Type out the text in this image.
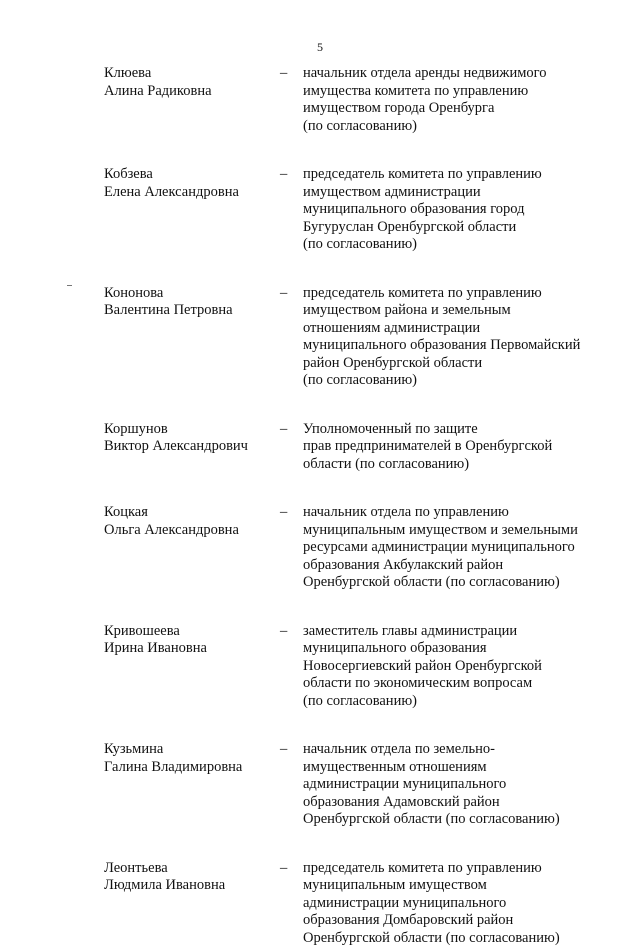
5
Клюева
Алина Радиковна
– начальник отдела аренды недвижимого
имущества комитета по управлению
имуществом города Оренбурга
(по согласованию)
Кобзева
Елена Александровна
– председатель комитета по управлению
имуществом администрации
муниципального образования город
Бугуруслан Оренбургской области
(по согласованию)
Кононова
Валентина Петровна
– председатель комитета по управлению
имуществом района и земельным
отношениям администрации
муниципального образования Первомайский
район Оренбургской области
(по согласованию)
Коршунов
Виктор Александрович
– Уполномоченный по защите
прав предпринимателей в Оренбургской
области (по согласованию)
Коцкая
Ольга Александровна
– начальник отдела по управлению
муниципальным имуществом и земельными
ресурсами администрации муниципального
образования Акбулакский район
Оренбургской области (по согласованию)
Кривошеева
Ирина Ивановна
– заместитель главы администрации
муниципального образования
Новосергиевский район Оренбургской
области по экономическим вопросам
(по согласованию)
Кузьмина
Галина Владимировна
– начальник отдела по земельно-
имущественным отношениям
администрации муниципального
образования Адамовский район
Оренбургской области (по согласованию)
Леонтьева
Людмила Ивановна
– председатель комитета по управлению
муниципальным имуществом
администрации муниципального
образования Домбаровский район
Оренбургской области (по согласованию)
